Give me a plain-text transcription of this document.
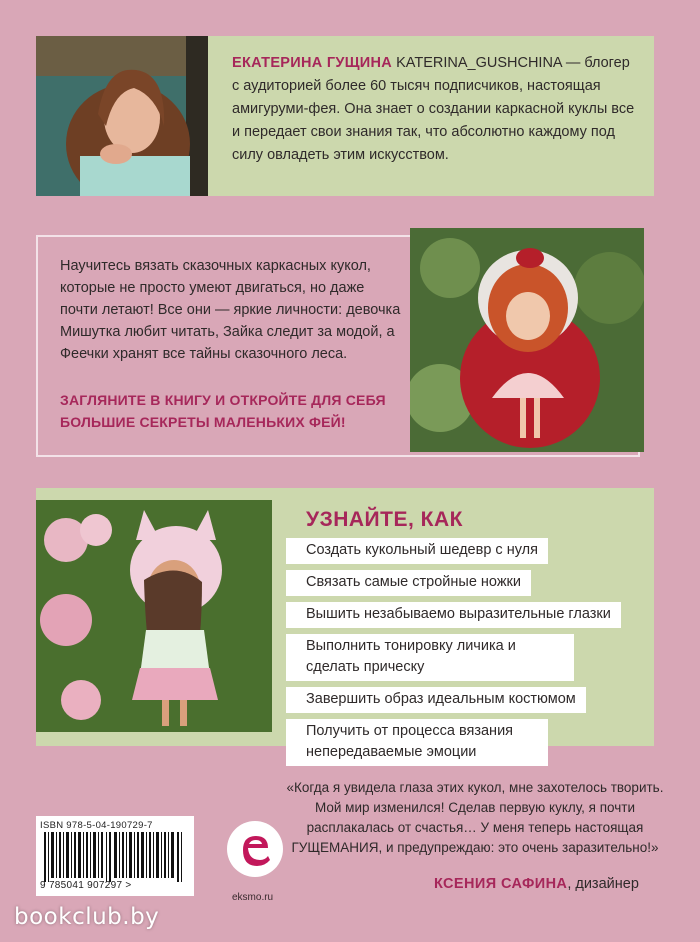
ЕКАТЕРИНА ГУЩИНА KATERINA_GUSHCHINA — блогер с аудиторией более 60 тысяч подписчиков, настоящая амигуруми-фея. Она знает о создании каркасной куклы все и передает свои знания так, что абсолютно каждому под силу овладеть этим искусством.
Научитесь вязать сказочных каркасных кукол, которые не просто умеют двигаться, но даже почти летают! Все они — яркие личности: девочка Мишутка любит читать, Зайка следит за модой, а Феечки хранят все тайны сказочного леса.
ЗАГЛЯНИТЕ В КНИГУ И ОТКРОЙТЕ ДЛЯ СЕБЯ БОЛЬШИЕ СЕКРЕТЫ МАЛЕНЬКИХ ФЕЙ!
УЗНАЙТЕ, КАК
Создать кукольный шедевр с нуля
Связать самые стройные ножки
Вышить незабываемо выразительные глазки
Выполнить тонировку личика и сделать прическу
Завершить образ идеальным костюмом
Получить от процесса вязания непередаваемые эмоции
ISBN 978-5-04-190729-7
9 785041 907297 >
eksmo.ru
«Когда я увидела глаза этих кукол, мне захотелось творить. Мой мир изменился! Сделав первую куклу, я почти расплакалась от счастья… У меня теперь настоящая ГУЩЕМАНИЯ, и предупреждаю: это очень заразительно!»
КСЕНИЯ САФИНА, дизайнер
bookclub.by
